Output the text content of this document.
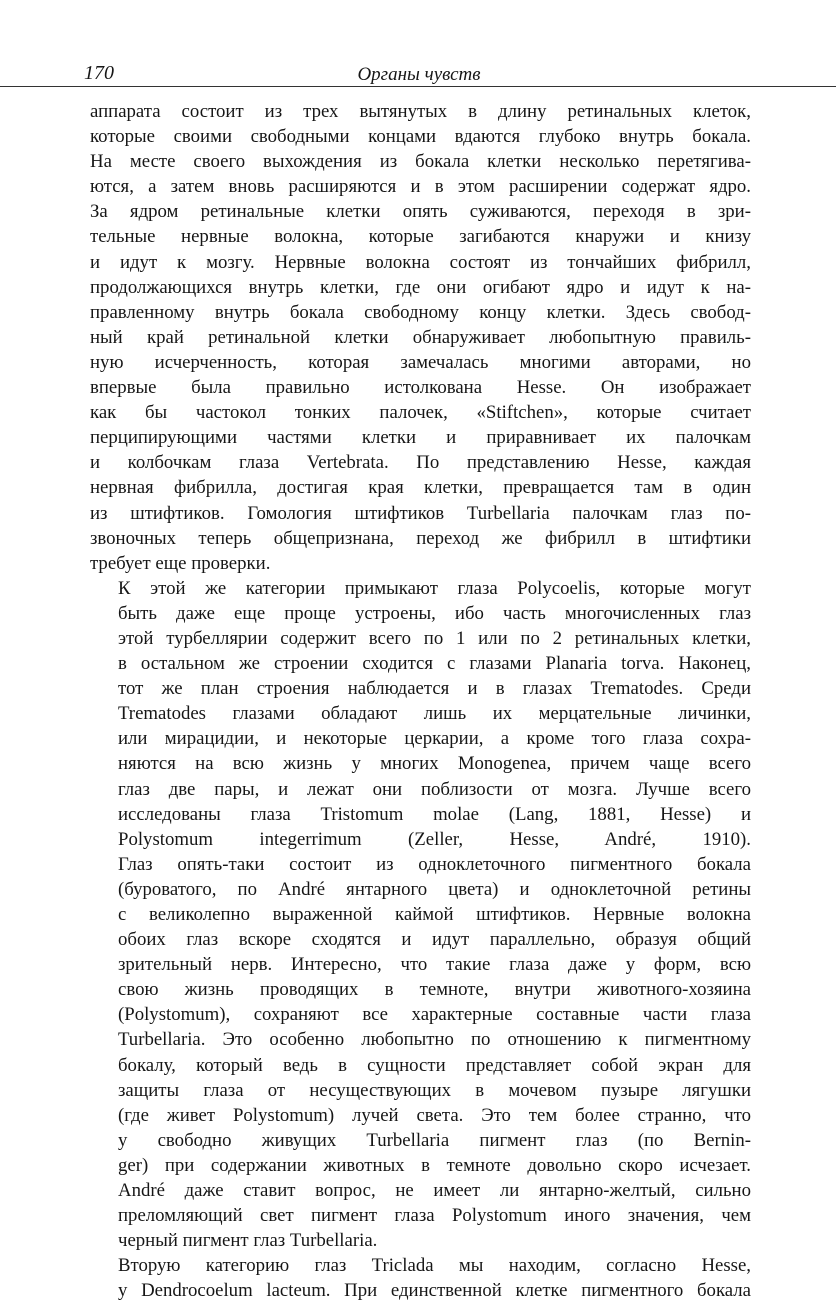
170	Органы чувств

аппарата состоит из трех вытянутых в длину ретинальных клеток,
которые своими свободными концами вдаются глубоко внутрь бокала.
На месте своего выхождения из бокала клетки несколько перетягива-
ются, а затем вновь расширяются и в этом расширении содержат ядро.
За ядром ретинальные клетки опять суживаются, переходя в зри-
тельные нервные волокна, которые загибаются кнаружи и книзу
и идут к мозгу. Нервные волокна состоят из тончайших фибрилл,
продолжающихся внутрь клетки, где они огибают ядро и идут к на-
правленному внутрь бокала свободному концу клетки. Здесь свобод-
ный край ретинальной клетки обнаруживает любопытную правиль-
ную исчерченность, которая замечалась многими авторами, но
впервые была правильно истолкована Hesse. Он изображает
как бы частокол тонких палочек, «Stiftchen», которые считает
перципирующими частями клетки и приравнивает их палочкам
и колбочкам глаза Vertebrata. По представлению Hesse, каждая
нервная фибрилла, достигая края клетки, превращается там в один
из штифтиков. Гомология штифтиков Turbellaria палочкам глаз по-
звоночных теперь общепризнана, переход же фибрилл в штифтики
требует еще проверки.

К этой же категории примыкают глаза Polycoelis, которые могут
быть даже еще проще устроены, ибо часть многочисленных глаз
этой турбеллярии содержит всего по 1 или по 2 ретинальных клетки,
в остальном же строении сходится с глазами Planaria torva. Наконец,
тот же план строения наблюдается и в глазах Trematodes. Среди
Trematodes глазами обладают лишь их мерцательные личинки,
или мирацидии, и некоторые церкарии, а кроме того глаза сохра-
няются на всю жизнь у многих Monogenea, причем чаще всего
глаз две пары, и лежат они поблизости от мозга. Лучше всего
исследованы глаза Tristomum molae (Lang, 1881, Hesse) и
Polystomum integerrimum (Zeller, Hesse, André, 1910).
Глаз опять-таки состоит из одноклеточного пигментного бокала
(буроватого, по André янтарного цвета) и одноклеточной ретины
с великолепно выраженной каймой штифтиков. Нервные волокна
обоих глаз вскоре сходятся и идут параллельно, образуя общий
зрительный нерв. Интересно, что такие глаза даже у форм, всю
свою жизнь проводящих в темноте, внутри животного-хозяина
(Polystomum), сохраняют все характерные составные части глаза
Turbellaria. Это особенно любопытно по отношению к пигментному
бокалу, который ведь в сущности представляет собой экран для
защиты глаза от несуществующих в мочевом пузыре лягушки
(где живет Polystomum) лучей света. Это тем более странно, что
у свободно живущих Turbellaria пигмент глаз (по Bernin-
ger) при содержании животных в темноте довольно скоро исчезает.
André даже ставит вопрос, не имеет ли янтарно-желтый, сильно
преломляющий свет пигмент глаза Polystomum иного значения, чем
черный пигмент глаз Turbellaria.

Вторую категорию глаз Triclada мы находим, согласно Hesse,
у Dendrocoelum lacteum. При единственной клетке пигментного бокала
